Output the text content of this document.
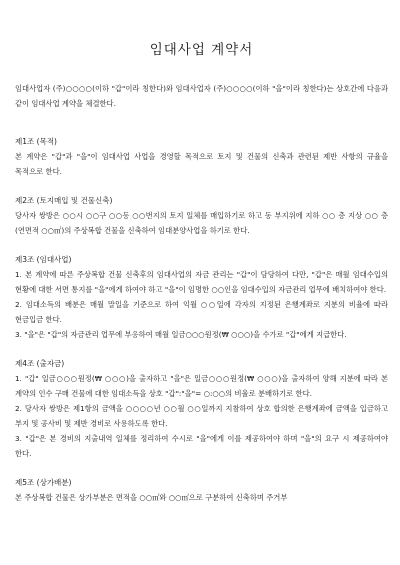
임대사업 계약서

임대사업자 (주)○○○○(이하 "갑"이라 칭한다)와 임대사업자 (주)○○○○(이하 "을"이라 칭한다)는 상호간에 다음과 같이 임대사업 계약을 체결한다.

제1조 (목적)

본 계약은 "갑"과 "을"이 임대사업 사업을 경영할 목적으로 토지 및 건물의 신축과 관련된 제반 사항의 규율을 목적으로 한다.

제2조 (토지매입 및 건물신축)

당사자 쌍방은 ○○시 ○○구 ○○동 ○○번지의 토지 일체를 매입하기로 하고 동 부지위에 지하 ○○ 층 지상 ○○ 층(연면적 ○○㎡)의 주상복합 건물을 신축하여 임대분양사업을 하기로 한다.

제3조 (임대사업)

1. 본 계약에 따른 주상복합 건물 신축후의 임대사업의 자금 관리는 "갑"이 담당하여 다만, "갑"은 매월 임대수입의 현황에 대한 서면 통지를 "을"에게 하여야 하고 "을"이 임명한 ○○인을 임대수입의 자금관리 업무에 배치하여야 한다.

2. 임대소득의 배분은 매월 말일을 기준으로 하여 익월 ○○일에 각자의 지정된 은행계좌로 지분의 비율에 따라 현금입금 한다.

3. "을"은 "갑"의 자금관리 업무에 부응하여 매월 일금○○○원정(₩ ○○○)을 수가로 "갑"에게 지급한다.

제4조 (출자금)

1. "갑" 일금○○○원정(₩ ○○○)을 출자하고 "을"은 일금○○○원정(₩ ○○○)을 출자하여 양해 지분에 따라 본 계약의 인수 구매 건물에 대한 임대소득을 상호 "갑":"을"= ○:○○의 비율로 분배하기로 한다.

2. 당사자 쌍방은 제1항의 금액을 ○○○○년 ○○월 ○○일까지 지참하여 상호 합의한 은행계좌에 금액을 입금하고 부지 및 공사비 및 제반 경비로 사용하도록 한다.

3. "갑"은 본 경비의 지출내역 일체를 정리하여 수시로 "을"에게 이를 제공하여야 하며 "을"의 요구 시 제공하여야 한다.

제5조 (상가배분)

본 주상복합 건물은 상가부분은 면적을 ○○㎡와 ○○㎡으로 구분하여 신축하며 주거부
